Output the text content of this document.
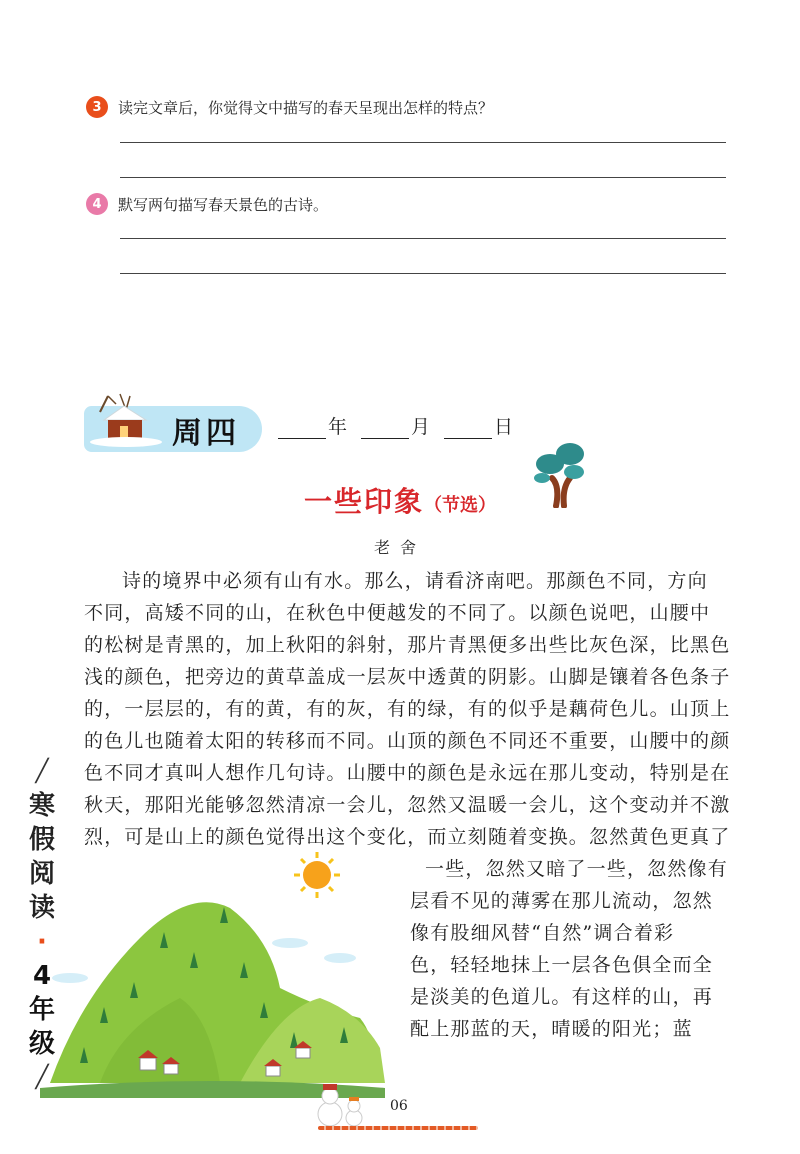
3	读完文章后，你觉得文中描写的春天呈现出怎样的特点？
4	默写两句描写春天景色的古诗。
周四	年	月	日
一些印象（节选）
老舍
诗的境界中必须有山有水。那么，请看济南吧。那颜色不同，方向
不同，高矮不同的山，在秋色中便越发的不同了。以颜色说吧，山腰中
的松树是青黑的，加上秋阳的斜射，那片青黑便多出些比灰色深，比黑色
浅的颜色，把旁边的黄草盖成一层灰中透黄的阴影。山脚是镶着各色条子
的，一层层的，有的黄，有的灰，有的绿，有的似乎是藕荷色儿。山顶上
的色儿也随着太阳的转移而不同。山顶的颜色不同还不重要，山腰中的颜
色不同才真叫人想作几句诗。山腰中的颜色是永远在那儿变动，特别是在
秋天，那阳光能够忽然清凉一会儿，忽然又温暖一会儿，这个变动并不激
烈，可是山上的颜色觉得出这个变化，而立刻随着变换。忽然黄色更真了
一些，忽然又暗了一些，忽然像有
层看不见的薄雾在那儿流动，忽然
像有股细风替“自然”调合着彩
色，轻轻地抹上一层各色俱全而全
是淡美的色道儿。有这样的山，再
配上那蓝的天，晴暖的阳光；蓝
╱
寒
假
阅
读
·
4
年
级
╱
06
